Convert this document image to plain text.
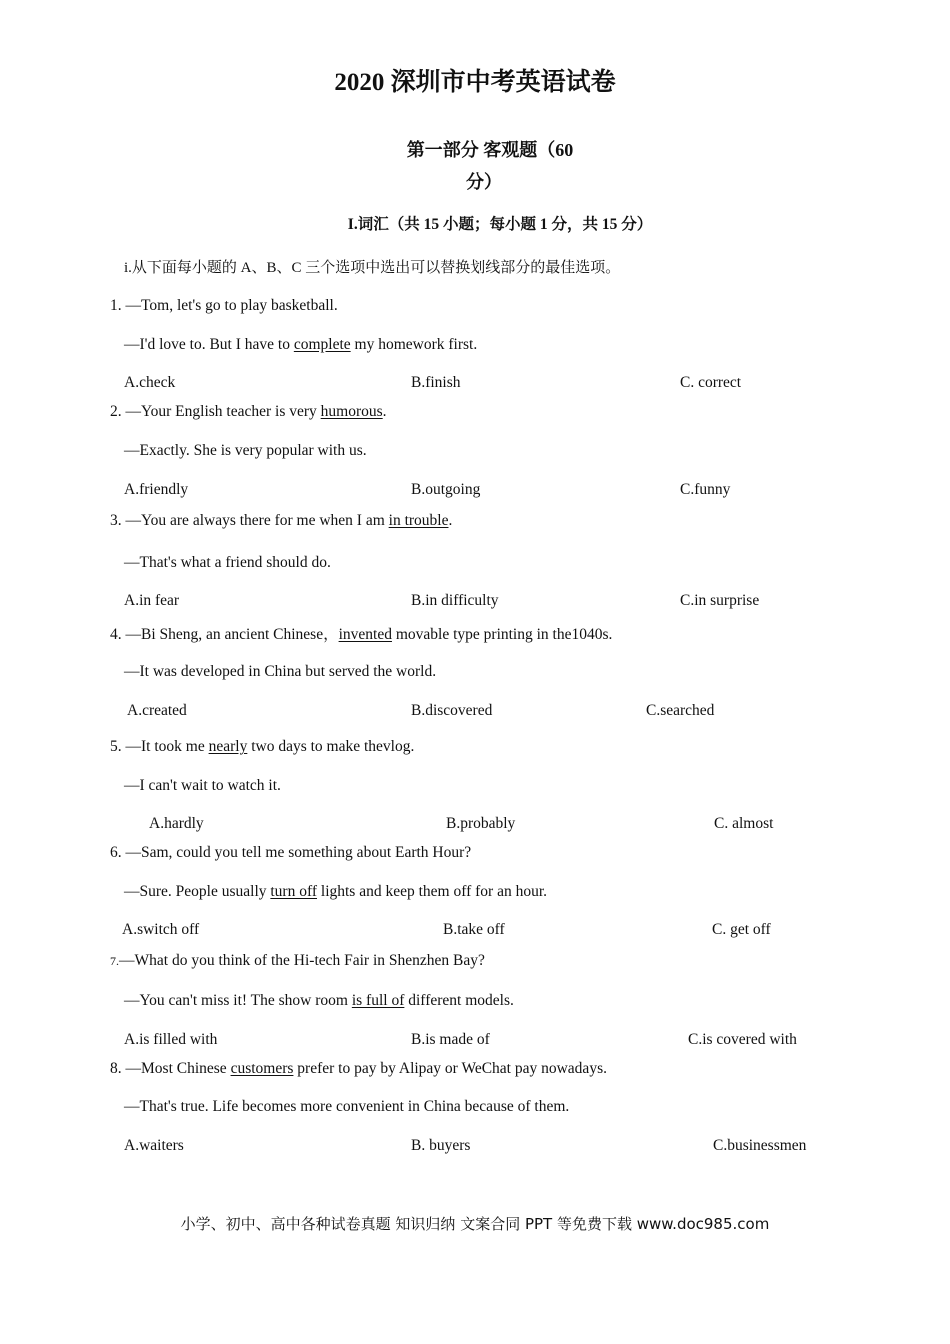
2020 深圳市中考英语试卷
第一部分 客观题（60
分）
I.词汇（共 15 小题；每小题 1 分，共 15 分）
i.从下面每小题的 A、B、C 三个选项中选出可以替换划线部分的最佳选项。
1. —Tom, let's go to play basketball.
—I'd love to. But I have to complete my homework first.
A.check	B.finish	C. correct
2. —Your English teacher is very humorous.
—Exactly. She is very popular with us.
A.friendly	B.outgoing	C.funny
3. —You are always there for me when I am in trouble.
—That's what a friend should do.
A.in fear	B.in difficulty	C.in surprise
4. —Bi Sheng, an ancient Chinese，invented movable type printing in the1040s.
—It was developed in China but served the world.
A.created	B.discovered	C.searched
5. —It took me nearly two days to make thevlog.
—I can't wait to watch it.
A.hardly	B.probably	C. almost
6. —Sam, could you tell me something about Earth Hour?
—Sure. People usually turn off lights and keep them off for an hour.
A.switch off	B.take off	C. get off
7.—What do you think of the Hi-tech Fair in Shenzhen Bay?
—You can't miss it! The show room is full of different models.
A.is filled with	B.is made of	C.is covered with
8. —Most Chinese customers prefer to pay by Alipay or WeChat pay nowadays.
—That's true. Life becomes more convenient in China because of them.
A.waiters	B. buyers	C.businessmen
小学、初中、高中各种试卷真题 知识归纳 文案合同 PPT 等免费下载 www.doc985.com
